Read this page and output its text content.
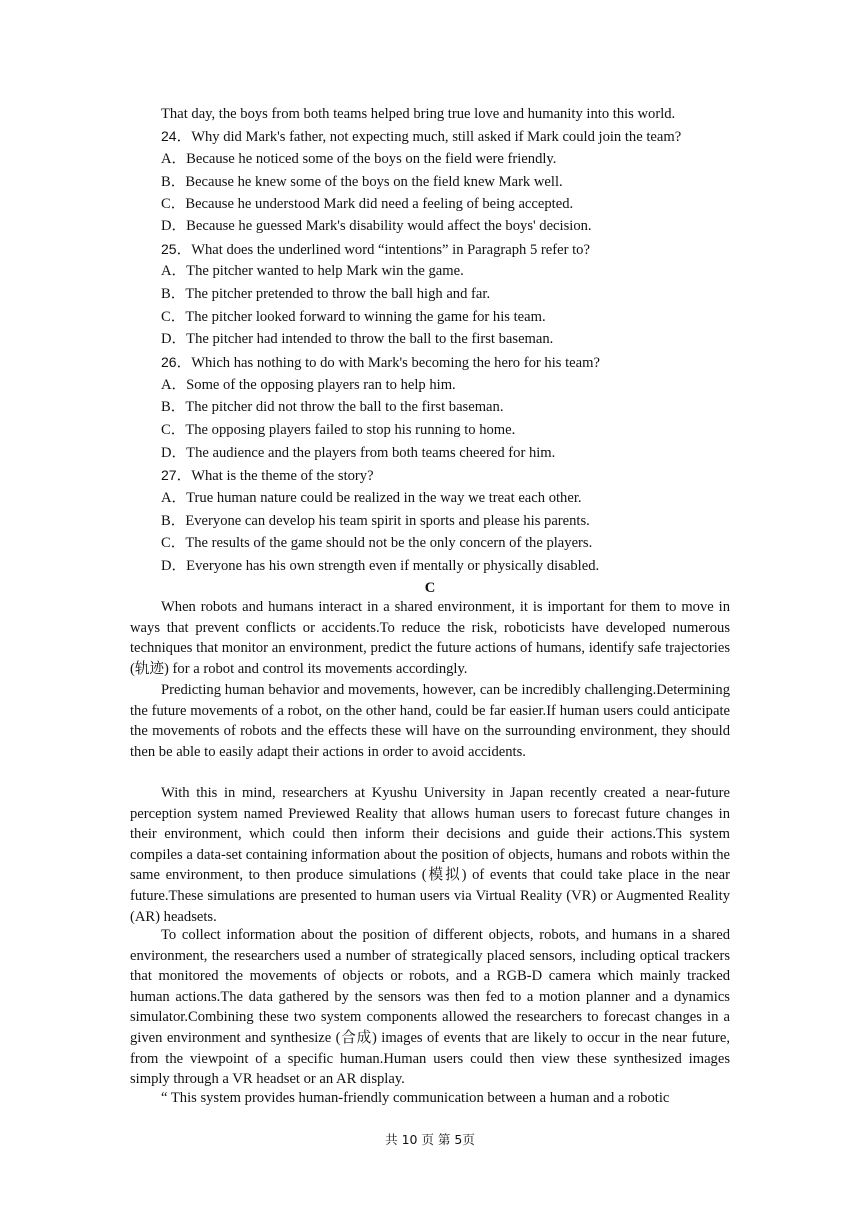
That day, the boys from both teams helped bring true love and humanity into this world.
24．Why did Mark's father, not expecting much, still asked if Mark could join the team?
A．Because he noticed some of the boys on the field were friendly.
B．Because he knew some of the boys on the field knew Mark well.
C．Because he understood Mark did need a feeling of being accepted.
D．Because he guessed Mark's disability would affect the boys' decision.
25．What does the underlined word “intentions” in Paragraph 5 refer to?
A．The pitcher wanted to help Mark win the game.
B．The pitcher pretended to throw the ball high and far.
C．The pitcher looked forward to winning the game for his team.
D．The pitcher had intended to throw the ball to the first baseman.
26．Which has nothing to do with Mark's becoming the hero for his team?
A．Some of the opposing players ran to help him.
B．The pitcher did not throw the ball to the first baseman.
C．The opposing players failed to stop his running to home.
D．The audience and the players from both teams cheered for him.
27．What is the theme of the story?
A．True human nature could be realized in the way we treat each other.
B．Everyone can develop his team spirit in sports and please his parents.
C．The results of the game should not be the only concern of the players.
D．Everyone has his own strength even if mentally or physically disabled.
C
When robots and humans interact in a shared environment, it is important for them to move in ways that prevent conflicts or accidents.To reduce the risk, roboticists have developed numerous techniques that monitor an environment, predict the future actions of humans, identify safe trajectories (轨迹) for a robot and control its movements accordingly.
Predicting human behavior and movements, however, can be incredibly challenging.Determining the future movements of a robot, on the other hand, could be far easier.If human users could anticipate the movements of robots and the effects these will have on the surrounding environment, they should then be able to easily adapt their actions in order to avoid accidents.
With this in mind, researchers at Kyushu University in Japan recently created a near-future perception system named Previewed Reality that allows human users to forecast future changes in their environment, which could then inform their decisions and guide their actions.This system compiles a data-set containing information about the position of objects, humans and robots within the same environment, to then produce simulations (模拟) of events that could take place in the near future.These simulations are presented to human users via Virtual Reality (VR) or Augmented Reality (AR) headsets.
To collect information about the position of different objects, robots, and humans in a shared environment, the researchers used a number of strategically placed sensors, including optical trackers that monitored the movements of objects or robots, and a RGB-D camera which mainly tracked human actions.The data gathered by the sensors was then fed to a motion planner and a dynamics simulator.Combining these two system components allowed the researchers to forecast changes in a given environment and synthesize (合成) images of events that are likely to occur in the near future, from the viewpoint of a specific human.Human users could then view these synthesized images simply through a VR headset or an AR display.
“ This system provides human-friendly communication between a human and a robotic
共 10 页 第 5页
